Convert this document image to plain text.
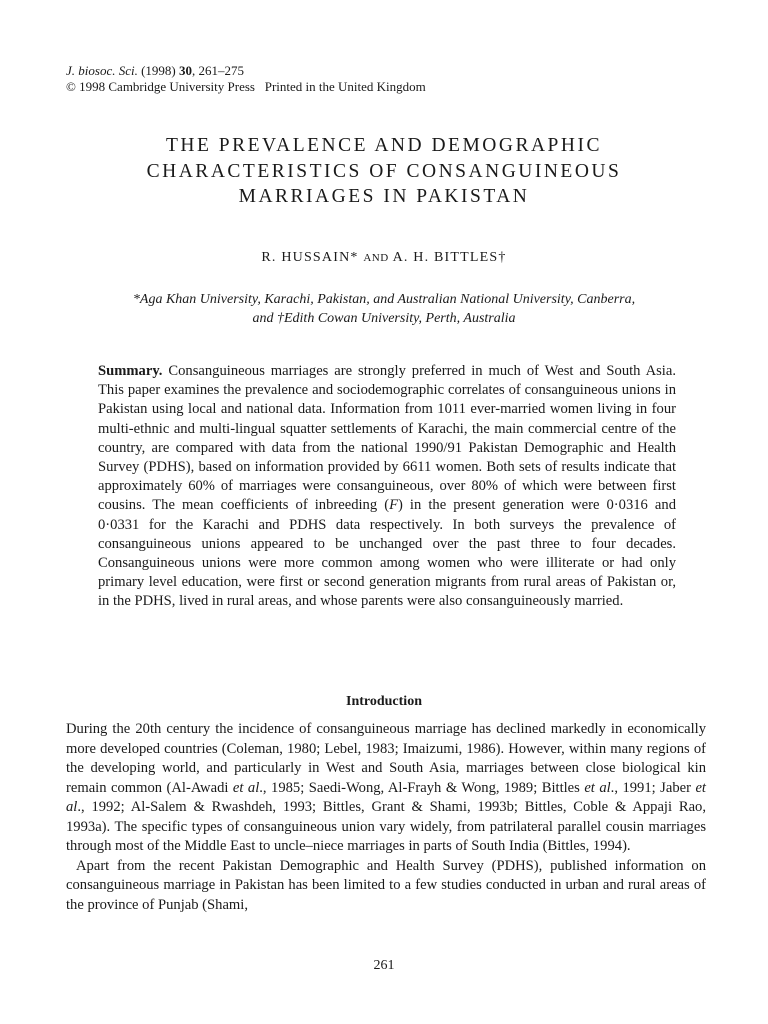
J. biosoc. Sci. (1998) 30, 261–275
© 1998 Cambridge University Press   Printed in the United Kingdom
THE PREVALENCE AND DEMOGRAPHIC
CHARACTERISTICS OF CONSANGUINEOUS
MARRIAGES IN PAKISTAN
R. HUSSAIN* AND A. H. BITTLES†
*Aga Khan University, Karachi, Pakistan, and Australian National University, Canberra,
and †Edith Cowan University, Perth, Australia
Summary. Consanguineous marriages are strongly preferred in much of West and South Asia. This paper examines the prevalence and sociodemographic correlates of consanguineous unions in Pakistan using local and national data. Information from 1011 ever-married women living in four multi-ethnic and multi-lingual squatter settlements of Karachi, the main commercial centre of the country, are compared with data from the national 1990/91 Pakistan Demographic and Health Survey (PDHS), based on information provided by 6611 women. Both sets of results indicate that approximately 60% of marriages were consanguineous, over 80% of which were between first cousins. The mean coefficients of inbreeding (F) in the present generation were 0·0316 and 0·0331 for the Karachi and PDHS data respectively. In both surveys the prevalence of consanguineous unions appeared to be unchanged over the past three to four decades. Consanguineous unions were more common among women who were illiterate or had only primary level education, were first or second generation migrants from rural areas of Pakistan or, in the PDHS, lived in rural areas, and whose parents were also consanguineously married.
Introduction

During the 20th century the incidence of consanguineous marriage has declined markedly in economically more developed countries (Coleman, 1980; Lebel, 1983; Imaizumi, 1986). However, within many regions of the developing world, and particularly in West and South Asia, marriages between close biological kin remain common (Al-Awadi et al., 1985; Saedi-Wong, Al-Frayh & Wong, 1989; Bittles et al., 1991; Jaber et al., 1992; Al-Salem & Rwashdeh, 1993; Bittles, Grant & Shami, 1993b; Bittles, Coble & Appaji Rao, 1993a). The specific types of consanguineous union vary widely, from patrilateral parallel cousin marriages through most of the Middle East to uncle–niece marriages in parts of South India (Bittles, 1994).

Apart from the recent Pakistan Demographic and Health Survey (PDHS), published information on consanguineous marriage in Pakistan has been limited to a few studies conducted in urban and rural areas of the province of Punjab (Shami,

261
